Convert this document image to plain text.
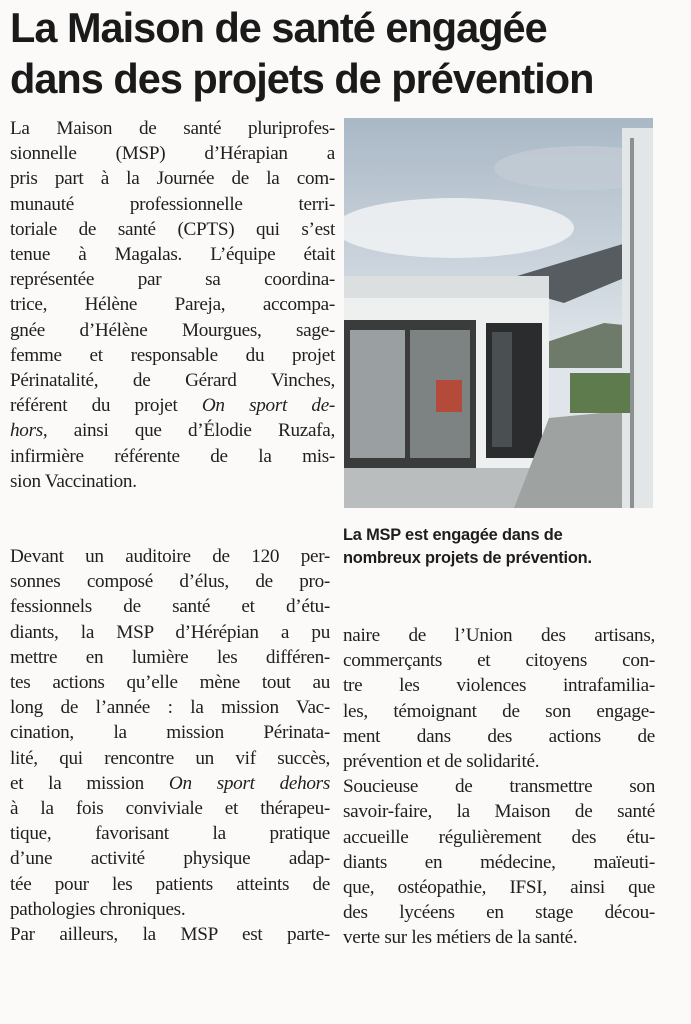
La Maison de santé engagée
dans des projets de prévention
La Maison de santé pluriprofes-
sionnelle (MSP) d’Hérapian a
pris part à la Journée de la com-
munauté professionnelle terri-
toriale de santé (CPTS) qui s’est
tenue à Magalas. L’équipe était
représentée par sa coordina-
trice, Hélène Pareja, accompa-
gnée d’Hélène Mourgues, sage-
femme et responsable du projet
Périnatalité, de Gérard Vinches,
référent du projet On sport de-
hors, ainsi que d’Élodie Ruzafa,
infirmière référente de la mis-
sion Vaccination.
Devant un auditoire de 120 per-
sonnes composé d’élus, de pro-
fessionnels de santé et d’étu-
diants, la MSP d’Hérépian a pu
mettre en lumière les différen-
tes actions qu’elle mène tout au
long de l’année : la mission Vac-
cination, la mission Périnata-
lité, qui rencontre un vif succès,
et la mission On sport dehors
à la fois conviviale et thérapeu-
tique, favorisant la pratique
d’une activité physique adap-
tée pour les patients atteints de
pathologies chroniques.
Par ailleurs, la MSP est parte-
La MSP est engagée dans de
nombreux projets de prévention.
naire de l’Union des artisans,
commerçants et citoyens con-
tre les violences intrafamilia-
les, témoignant de son engage-
ment dans des actions de
prévention et de solidarité.
Soucieuse de transmettre son
savoir-faire, la Maison de santé
accueille régulièrement des étu-
diants en médecine, maïeuti-
que, ostéopathie, IFSI, ainsi que
des lycéens en stage décou-
verte sur les métiers de la santé.
